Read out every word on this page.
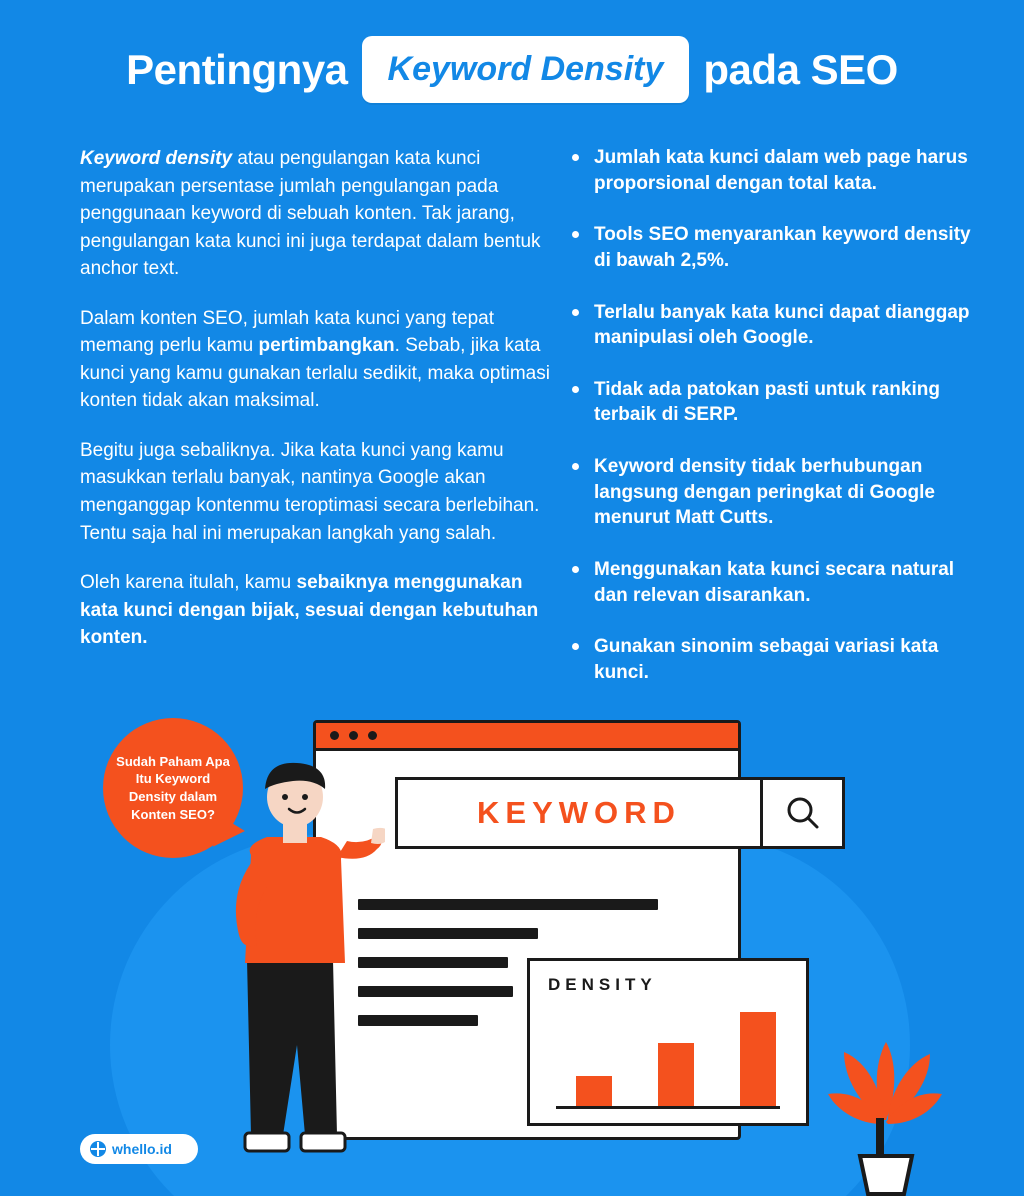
Pentingnya	Keyword Density pada SEO

Keyword density atau pengulangan kata kunci merupakan persentase jumlah pengulangan pada penggunaan keyword di sebuah konten. Tak jarang, pengulangan kata kunci ini juga terdapat dalam bentuk anchor text.

Dalam konten SEO, jumlah kata kunci yang tepat memang perlu kamu pertimbangkan. Sebab, jika kata kunci yang kamu gunakan terlalu sedikit, maka optimasi konten tidak akan maksimal.

Begitu juga sebaliknya. Jika kata kunci yang kamu masukkan terlalu banyak, nantinya Google akan menganggap kontenmu teroptimasi secara berlebihan. Tentu saja hal ini merupakan langkah yang salah.

Oleh karena itulah, kamu sebaiknya menggunakan kata kunci dengan bijak, sesuai dengan kebutuhan konten.

Jumlah kata kunci dalam web page harus proporsional dengan total kata.
Tools SEO menyarankan keyword density di bawah 2,5%.
Terlalu banyak kata kunci dapat dianggap manipulasi oleh Google.
Tidak ada patokan pasti untuk ranking terbaik di SERP.
Keyword density tidak berhubungan langsung dengan peringkat di Google menurut Matt Cutts.
Menggunakan kata kunci secara natural dan relevan disarankan.
Gunakan sinonim sebagai variasi kata kunci.
KEYWORD
DENSITY
Sudah Paham Apa Itu Keyword Density dalam Konten SEO?
whello.id
